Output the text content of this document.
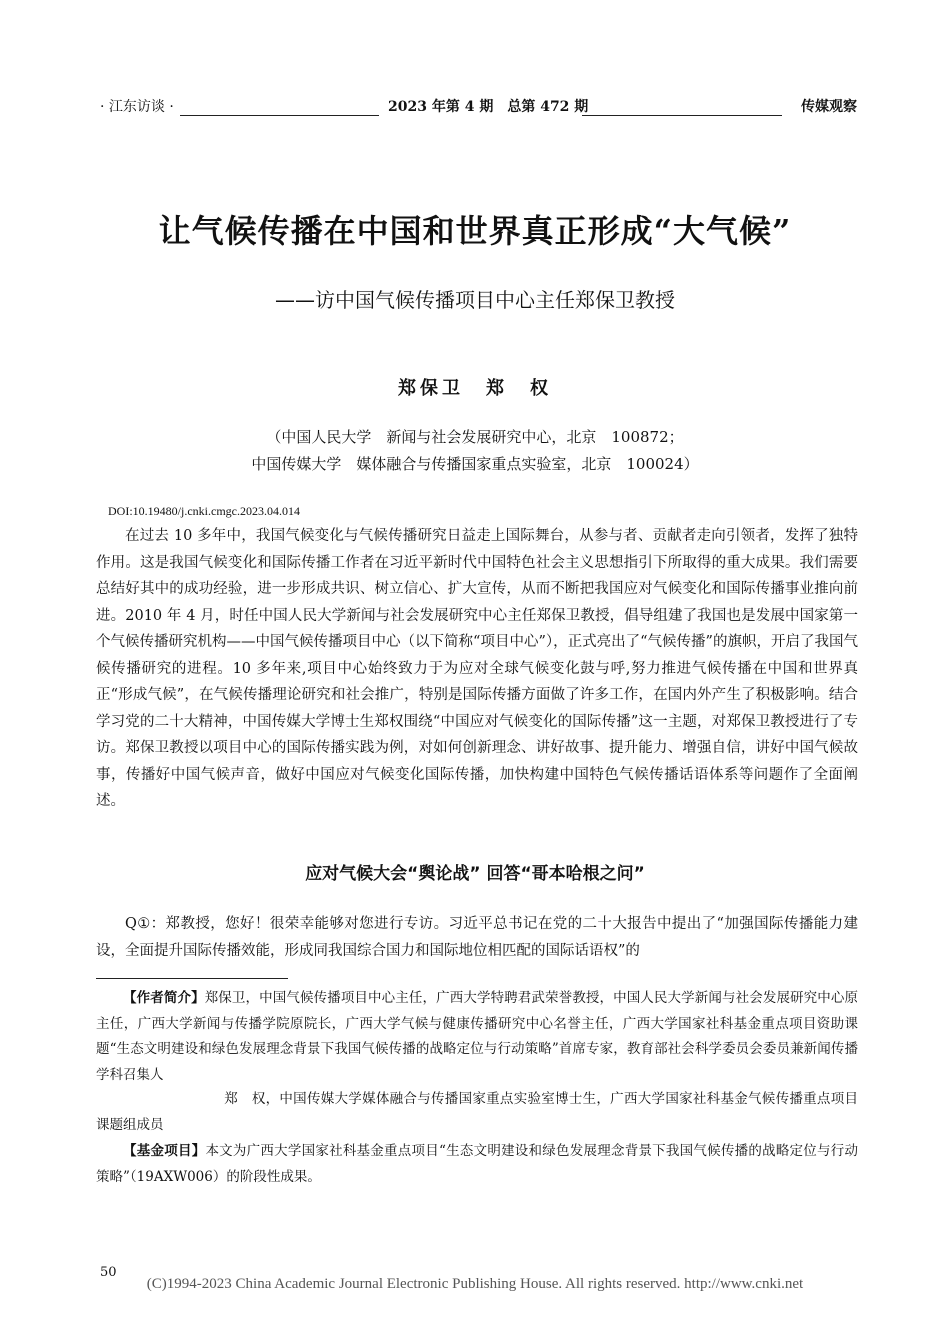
· 江东访谈 ·	2023 年第 4 期　总第 472 期	传媒观察
让气候传播在中国和世界真正形成“大气候”
——访中国气候传播项目中心主任郑保卫教授
郑保卫　郑　权
（中国人民大学　新闻与社会发展研究中心，北京　100872；
中国传媒大学　媒体融合与传播国家重点实验室，北京　100024）
DOI:10.19480/j.cnki.cmgc.2023.04.014

在过去 10 多年中，我国气候变化与气候传播研究日益走上国际舞台，从参与者、贡献者走向引领者，发挥了独特作用。这是我国气候变化和国际传播工作者在习近平新时代中国特色社会主义思想指引下所取得的重大成果。我们需要总结好其中的成功经验，进一步形成共识、树立信心、扩大宣传，从而不断把我国应对气候变化和国际传播事业推向前进。2010 年 4 月，时任中国人民大学新闻与社会发展研究中心主任郑保卫教授，倡导组建了我国也是发展中国家第一个气候传播研究机构——中国气候传播项目中心（以下简称“项目中心”），正式亮出了“气候传播”的旗帜，开启了我国气候传播研究的进程。10 多年来,项目中心始终致力于为应对全球气候变化鼓与呼,努力推进气候传播在中国和世界真正“形成气候”，在气候传播理论研究和社会推广，特别是国际传播方面做了许多工作，在国内外产生了积极影响。结合学习党的二十大精神，中国传媒大学博士生郑权围绕“中国应对气候变化的国际传播”这一主题，对郑保卫教授进行了专访。郑保卫教授以项目中心的国际传播实践为例，对如何创新理念、讲好故事、提升能力、增强自信，讲好中国气候故事，传播好中国气候声音，做好中国应对气候变化国际传播，加快构建中国特色气候传播话语体系等问题作了全面阐述。

应对气候大会“舆论战” 回答“哥本哈根之问”

Q①：郑教授，您好！很荣幸能够对您进行专访。习近平总书记在党的二十大报告中提出了“加强国际传播能力建设，全面提升国际传播效能，形成同我国综合国力和国际地位相匹配的国际话语权”的

【作者简介】郑保卫，中国气候传播项目中心主任，广西大学特聘君武荣誉教授，中国人民大学新闻与社会发展研究中心原主任，广西大学新闻与传播学院原院长，广西大学气候与健康传播研究中心名誉主任，广西大学国家社科基金重点项目资助课题“生态文明建设和绿色发展理念背景下我国气候传播的战略定位与行动策略”首席专家，教育部社会科学委员会委员兼新闻传播学科召集人

郑　权，中国传媒大学媒体融合与传播国家重点实验室博士生，广西大学国家社科基金气候传播重点项目课题组成员

【基金项目】本文为广西大学国家社科基金重点项目“生态文明建设和绿色发展理念背景下我国气候传播的战略定位与行动策略”（19AXW006）的阶段性成果。

50
(C)1994-2023 China Academic Journal Electronic Publishing House. All rights reserved. http://www.cnki.net
